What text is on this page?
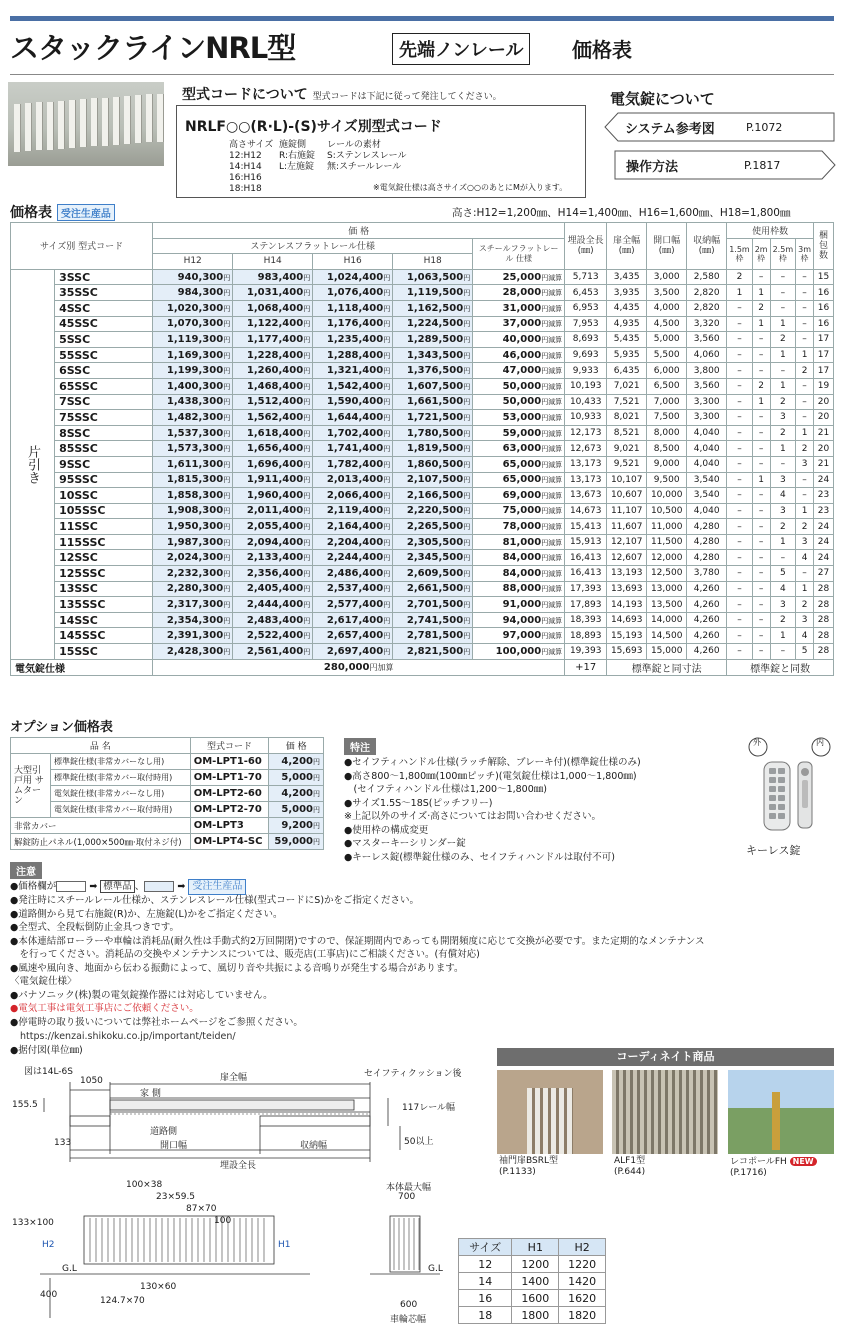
スタックラインNRL型	先端ノンレール	価格表
型式コードについて 型式コードは下記に従って発注してください。
NRLF○○(R·L)-(S)サイズ別型式コード
高さサイズ
12:H12
14:H14
16:H16
18:H18
施錠側
R:右施錠
L:左施錠
レールの素材
S:ステンレスレール
無:スチールレール
※電気錠仕様は高さサイズ○○のあとにMが入ります。
電気錠について
システム参考図	P.1072
操作方法	P.1817
価格表 受注生産品	高さ:H12=1,200㎜、H14=1,400㎜、H16=1,600㎜、H18=1,800㎜
サイズ別 型式コード		価 格					埋設全長 (㎜)	扉全幅 (㎜)	開口幅 (㎜)	収納幅 (㎜)	使用枠数				梱包 数
		ステンレスフラットレール仕様				スチールフラットレール 仕様					1.5m 枠	2m 枠	2.5m 枠	3m 枠	
		H12	H14	H16	H18										
片引き	3SSC	940,300円	983,400円	1,024,400円	1,063,500円	25,000円減算	5,713	3,435	3,000	2,580	2	–	–	–	15
	35SSC	984,300円	1,031,400円	1,076,400円	1,119,500円	28,000円減算	6,453	3,935	3,500	2,820	1	1	–	–	16
	4SSC	1,020,300円	1,068,400円	1,118,400円	1,162,500円	31,000円減算	6,953	4,435	4,000	2,820	–	2	–	–	16
	45SSC	1,070,300円	1,122,400円	1,176,400円	1,224,500円	37,000円減算	7,953	4,935	4,500	3,320	–	1	1	–	16
	5SSC	1,119,300円	1,177,400円	1,235,400円	1,289,500円	40,000円減算	8,693	5,435	5,000	3,560	–	–	2	–	17
	55SSC	1,169,300円	1,228,400円	1,288,400円	1,343,500円	46,000円減算	9,693	5,935	5,500	4,060	–	–	1	1	17
	6SSC	1,199,300円	1,260,400円	1,321,400円	1,376,500円	47,000円減算	9,933	6,435	6,000	3,800	–	–	–	2	17
	65SSC	1,400,300円	1,468,400円	1,542,400円	1,607,500円	50,000円減算	10,193	7,021	6,500	3,560	–	2	1	–	19
	7SSC	1,438,300円	1,512,400円	1,590,400円	1,661,500円	50,000円減算	10,433	7,521	7,000	3,300	–	1	2	–	20
	75SSC	1,482,300円	1,562,400円	1,644,400円	1,721,500円	53,000円減算	10,933	8,021	7,500	3,300	–	–	3	–	20
	8SSC	1,537,300円	1,618,400円	1,702,400円	1,780,500円	59,000円減算	12,173	8,521	8,000	4,040	–	–	2	1	21
	85SSC	1,573,300円	1,656,400円	1,741,400円	1,819,500円	63,000円減算	12,673	9,021	8,500	4,040	–	–	1	2	20
	9SSC	1,611,300円	1,696,400円	1,782,400円	1,860,500円	65,000円減算	13,173	9,521	9,000	4,040	–	–	–	3	21
	95SSC	1,815,300円	1,911,400円	2,013,400円	2,107,500円	65,000円減算	13,173	10,107	9,500	3,540	–	1	3	–	24
	10SSC	1,858,300円	1,960,400円	2,066,400円	2,166,500円	69,000円減算	13,673	10,607	10,000	3,540	–	–	4	–	23
	105SSC	1,908,300円	2,011,400円	2,119,400円	2,220,500円	75,000円減算	14,673	11,107	10,500	4,040	–	–	3	1	23
	11SSC	1,950,300円	2,055,400円	2,164,400円	2,265,500円	78,000円減算	15,413	11,607	11,000	4,280	–	–	2	2	24
	115SSC	1,987,300円	2,094,400円	2,204,400円	2,305,500円	81,000円減算	15,913	12,107	11,500	4,280	–	–	1	3	24
	12SSC	2,024,300円	2,133,400円	2,244,400円	2,345,500円	84,000円減算	16,413	12,607	12,000	4,280	–	–	–	4	24
	125SSC	2,232,300円	2,356,400円	2,486,400円	2,609,500円	84,000円減算	16,413	13,193	12,500	3,780	–	–	5	–	27
	13SSC	2,280,300円	2,405,400円	2,537,400円	2,661,500円	88,000円減算	17,393	13,693	13,000	4,260	–	–	4	1	28
	135SSC	2,317,300円	2,444,400円	2,577,400円	2,701,500円	91,000円減算	17,893	14,193	13,500	4,260	–	–	3	2	28
	14SSC	2,354,300円	2,483,400円	2,617,400円	2,741,500円	94,000円減算	18,393	14,693	14,000	4,260	–	–	2	3	28
	145SSC	2,391,300円	2,522,400円	2,657,400円	2,781,500円	97,000円減算	18,893	15,193	14,500	4,260	–	–	1	4	28
	15SSC	2,428,300円	2,561,400円	2,697,400円	2,821,500円	100,000円減算	19,393	15,693	15,000	4,260	–	–	–	5	28
電気錠仕様		280,000円加算					+17	標準錠と同寸法			標準錠と同数				
オプション価格表
品 名		型式コード	価 格
大型引戸用 サムターン	標準錠仕様(非常カバーなし用)	OM-LPT1-60	4,200円
	標準錠仕様(非常カバー取付時用)	OM-LPT1-70	5,000円
	電気錠仕様(非常カバーなし用)	OM-LPT2-60	4,200円
	電気錠仕様(非常カバー取付時用)	OM-LPT2-70	5,000円
非常カバー		OM-LPT3	9,200円
解錠防止パネル(1,000×500㎜·取付ネジ付)		OM-LPT4-SC	59,000円
特注
●セイフティハンドル仕様(ラッチ解除、ブレーキ付)(標準錠仕様のみ)
●高さ800〜1,800㎜(100㎜ピッチ)(電気錠仕様は1,000〜1,800㎜)
　(セイフティハンドル仕様は1,200〜1,800㎜)
●サイズ1.5S〜18S(ピッチフリー)
※上記以外のサイズ·高さについてはお問い合わせください。
●使用枠の構成変更
●マスターキーシリンダー錠
●キーレス錠(標準錠仕様のみ、セイフティハンドルは取付不可)
外	内
キーレス錠
注意
●価格欄が	➡ 標準品 、	➡ 受注生産品
●発注時にスチールレール仕様か、ステンレスレール仕様(型式コードにS)かをご指定ください。
●道路側から見て右施錠(R)か、左施錠(L)かをご指定ください。
●全型式、全段転倒防止金具つきです。
●本体連結部ローラーや車輪は消耗品(耐久性は手動式約2万回開閉)ですので、保証期間内であっても開閉頻度に応じて交換が必要です。また定期的なメンテナンス
　を行ってください。消耗品の交換やメンテナンスについては、販売店(工事店)にご相談ください。(有償対応)
●風速や風向き、地面から伝わる振動によって、風切り音や共振による音鳴りが発生する場合があります。
〈電気錠仕様〉
●パナソニック(株)製の電気錠操作器には対応していません。
●電気工事は電気工事店にご依頼ください。
●停電時の取り扱いについては弊社ホームページをご参照ください。
https://kenzai.shikoku.co.jp/important/teiden/
●据付図(単位㎜)
図は14L-6S
扉全幅
1050
家 側
道路側
155.5
133	開口幅	収納幅
埋設全長
セイフティクッション後
117レール幅
50以上
100×38
23×59.5
87×70
100
133×100
H2	H1
G.L
130×60
124.7×70
400
本体最大幅
700
G.L
600
車輪芯幅
コーディネイト商品
袖門扉BSRL型
(P.1133)
ALF1型
(P.644)
レコポールFH NEW
(P.1716)
サイズ	H1	H2
12	1200	1220
14	1400	1420
16	1600	1620
18	1800	1820
